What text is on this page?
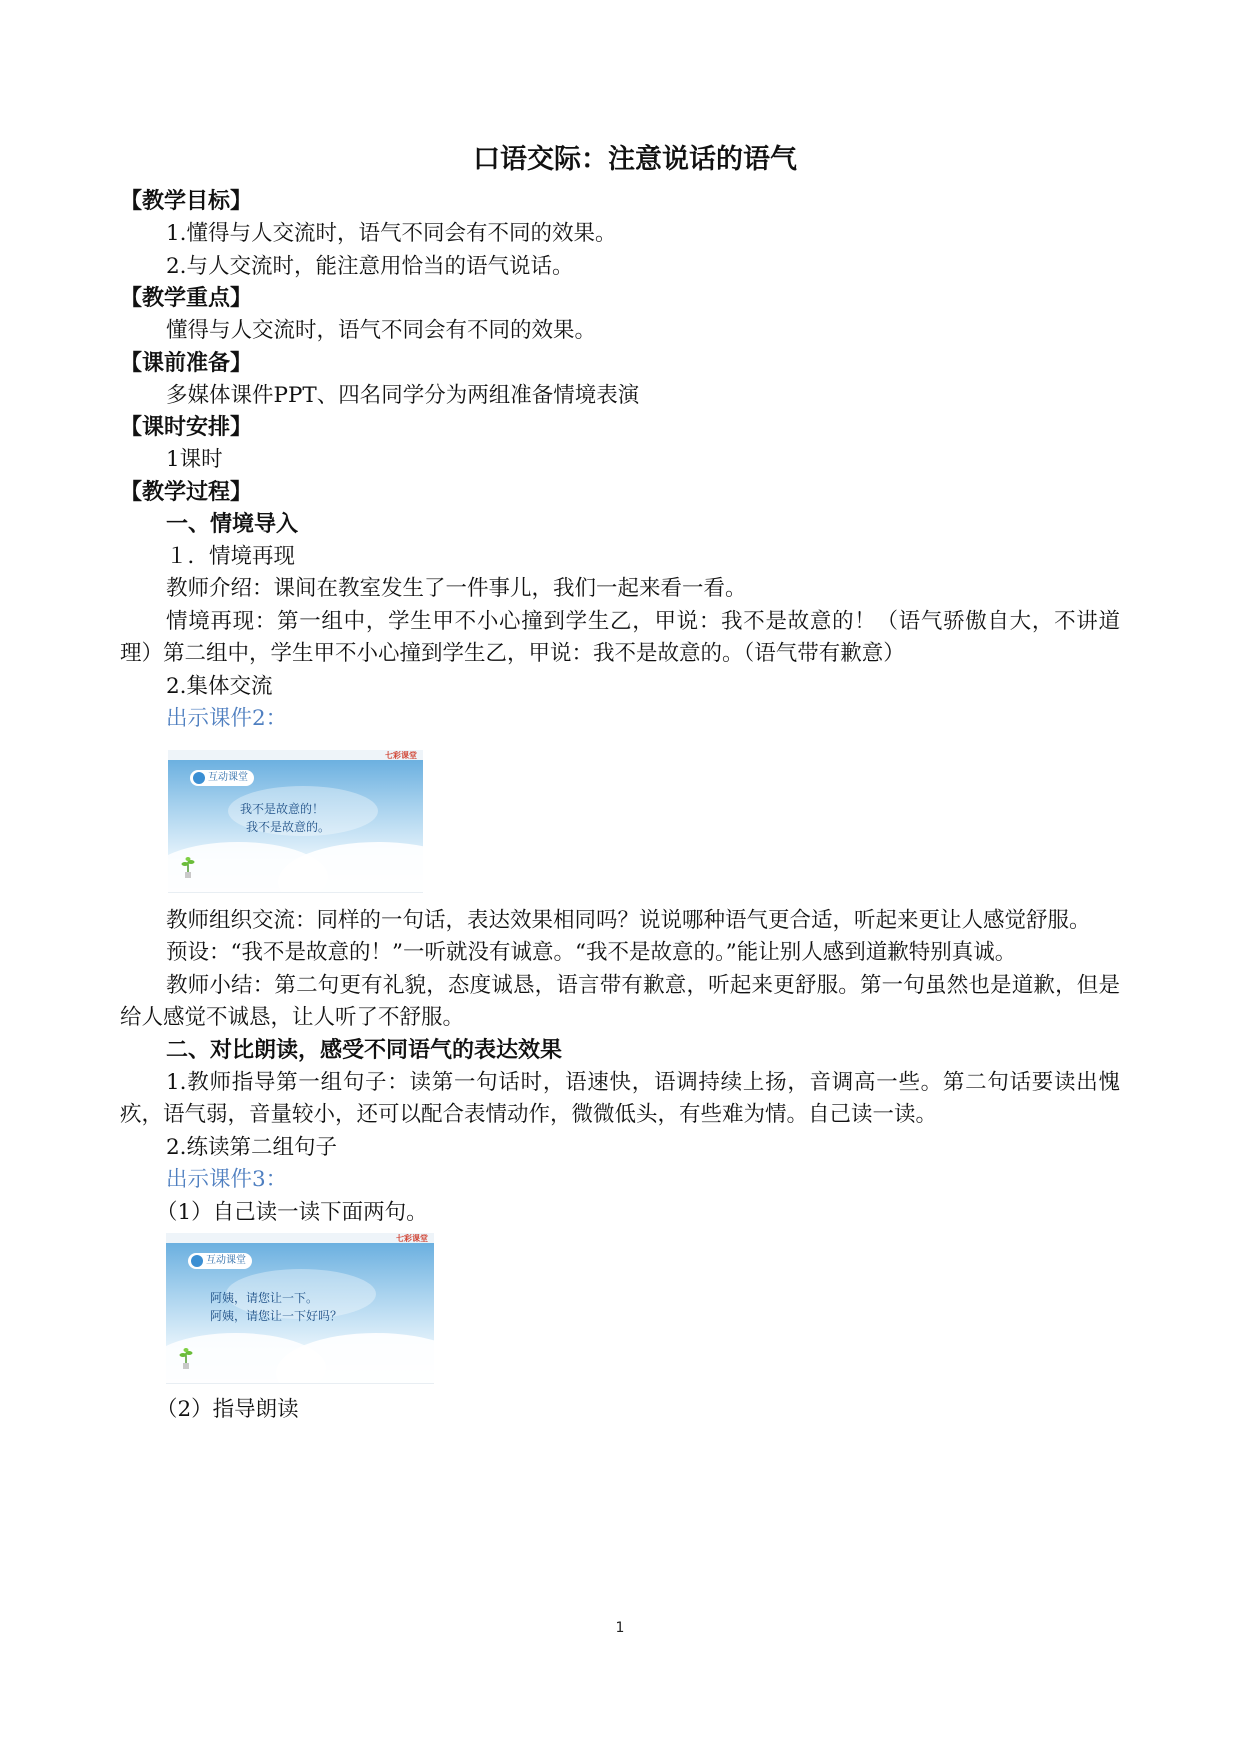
口语交际：注意说话的语气
【教学目标】

1.懂得与人交流时，语气不同会有不同的效果。

2.与人交流时，能注意用恰当的语气说话。

【教学重点】

懂得与人交流时，语气不同会有不同的效果。

【课前准备】

多媒体课件PPT、四名同学分为两组准备情境表演

【课时安排】

1课时

【教学过程】
一、情境导入

１．情境再现

教师介绍：课间在教室发生了一件事儿，我们一起来看一看。

情境再现：第一组中，学生甲不小心撞到学生乙，甲说：我不是故意的！（语气骄傲自大，不讲道理）第二组中，学生甲不小心撞到学生乙，甲说：我不是故意的。（语气带有歉意）

2.集体交流

出示课件2：

七彩课堂
互动课堂
我不是故意的！
我不是故意的。

教师组织交流：同样的一句话，表达效果相同吗？说说哪种语气更合适，听起来更让人感觉舒服。

预设：“我不是故意的！”一听就没有诚意。“我不是故意的。”能让别人感到道歉特别真诚。

教师小结：第二句更有礼貌，态度诚恳，语言带有歉意，听起来更舒服。第一句虽然也是道歉，但是给人感觉不诚恳，让人听了不舒服。

二、对比朗读，感受不同语气的表达效果

1.教师指导第一组句子：读第一句话时，语速快，语调持续上扬，音调高一些。第二句话要读出愧疚，语气弱，音量较小，还可以配合表情动作，微微低头，有些难为情。自己读一读。

2.练读第二组句子

出示课件3：

（1）自己读一读下面两句。

七彩课堂
互动课堂
阿姨，请您让一下。
阿姨，请您让一下好吗？

（2）指导朗读

1
